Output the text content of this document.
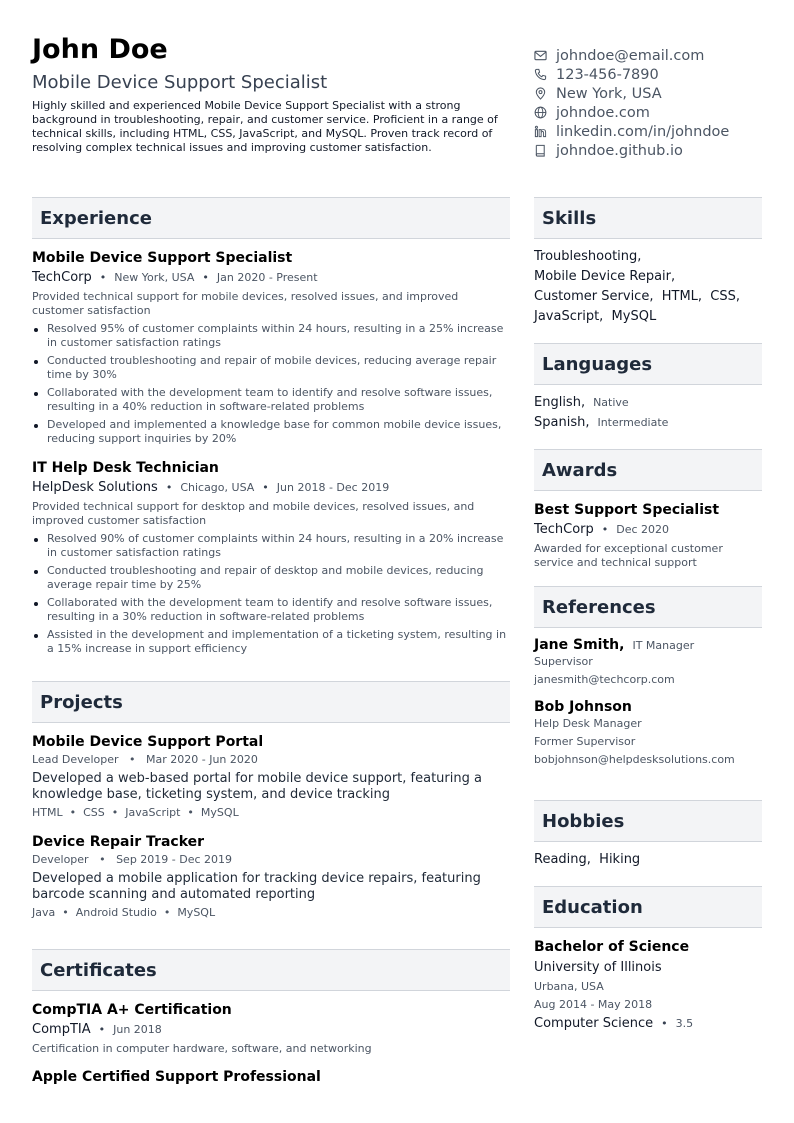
John Doe
Mobile Device Support Specialist
Highly skilled and experienced Mobile Device Support Specialist with a strong background in troubleshooting, repair, and customer service. Proficient in a range of technical skills, including HTML, CSS, JavaScript, and MySQL. Proven track record of resolving complex technical issues and improving customer satisfaction.
johndoe@email.com
123-456-7890
New York, USA
johndoe.com
linkedin.com/in/johndoe
johndoe.github.io
Experience
Mobile Device Support Specialist
TechCorp • New York, USA • Jan 2020 - Present
Provided technical support for mobile devices, resolved issues, and improved customer satisfaction
Resolved 95% of customer complaints within 24 hours, resulting in a 25% increase in customer satisfaction ratings
Conducted troubleshooting and repair of mobile devices, reducing average repair time by 30%
Collaborated with the development team to identify and resolve software issues, resulting in a 40% reduction in software-related problems
Developed and implemented a knowledge base for common mobile device issues, reducing support inquiries by 20%
IT Help Desk Technician
HelpDesk Solutions • Chicago, USA • Jun 2018 - Dec 2019
Provided technical support for desktop and mobile devices, resolved issues, and improved customer satisfaction
Resolved 90% of customer complaints within 24 hours, resulting in a 20% increase in customer satisfaction ratings
Conducted troubleshooting and repair of desktop and mobile devices, reducing average repair time by 25%
Collaborated with the development team to identify and resolve software issues, resulting in a 30% reduction in software-related problems
Assisted in the development and implementation of a ticketing system, resulting in a 15% increase in support efficiency
Projects
Mobile Device Support Portal
Lead Developer • Mar 2020 - Jun 2020
Developed a web-based portal for mobile device support, featuring a knowledge base, ticketing system, and device tracking
HTML • CSS • JavaScript • MySQL
Device Repair Tracker
Developer • Sep 2019 - Dec 2019
Developed a mobile application for tracking device repairs, featuring barcode scanning and automated reporting
Java • Android Studio • MySQL
Certificates
CompTIA A+ Certification
CompTIA • Jun 2018
Certification in computer hardware, software, and networking
Apple Certified Support Professional
Skills
Troubleshooting,
Mobile Device Repair,
Customer Service,  HTML,  CSS,
JavaScript,  MySQL
Languages
English, Native
Spanish, Intermediate
Awards
Best Support Specialist
TechCorp • Dec 2020
Awarded for exceptional customer service and technical support
References
Jane Smith, IT Manager
Supervisor
janesmith@techcorp.com
Bob Johnson
Help Desk Manager
Former Supervisor
bobjohnson@helpdesksolutions.com
Hobbies
Reading,  Hiking
Education
Bachelor of Science
University of Illinois
Urbana, USA
Aug 2014 - May 2018
Computer Science • 3.5
